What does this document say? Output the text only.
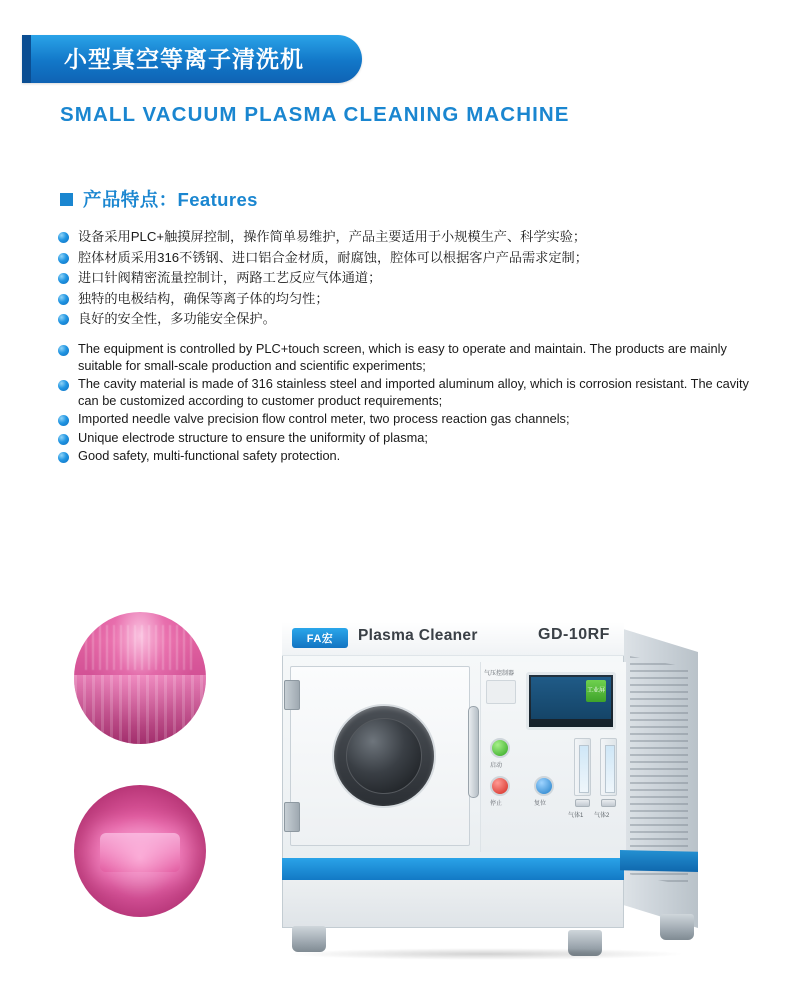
小型真空等离子清洗机
SMALL VACUUM PLASMA CLEANING MACHINE
产品特点：Features
设备采用PLC+触摸屏控制，操作简单易维护，产品主要适用于小规模生产、科学实验；
腔体材质采用316不锈钢、进口铝合金材质，耐腐蚀，腔体可以根据客户产品需求定制；
进口针阀精密流量控制计，两路工艺反应气体通道；
独特的电极结构，确保等离子体的均匀性；
良好的安全性，多功能安全保护。
The equipment is controlled by PLC+touch screen, which is easy to operate and maintain. The products are mainly suitable for small-scale production and scientific experiments;
The cavity material is made of 316 stainless steel and imported aluminum alloy, which is corrosion resistant. The cavity can be customized according to customer product requirements;
Imported needle valve precision flow control meter, two process reaction gas channels;
Unique electrode structure to ensure the uniformity of plasma;
Good safety, multi-functional safety protection.
FA宏	Plasma Cleaner	GD-10RF
气压控制器
工业屏
启动
停止	复位
气体1 气体2
